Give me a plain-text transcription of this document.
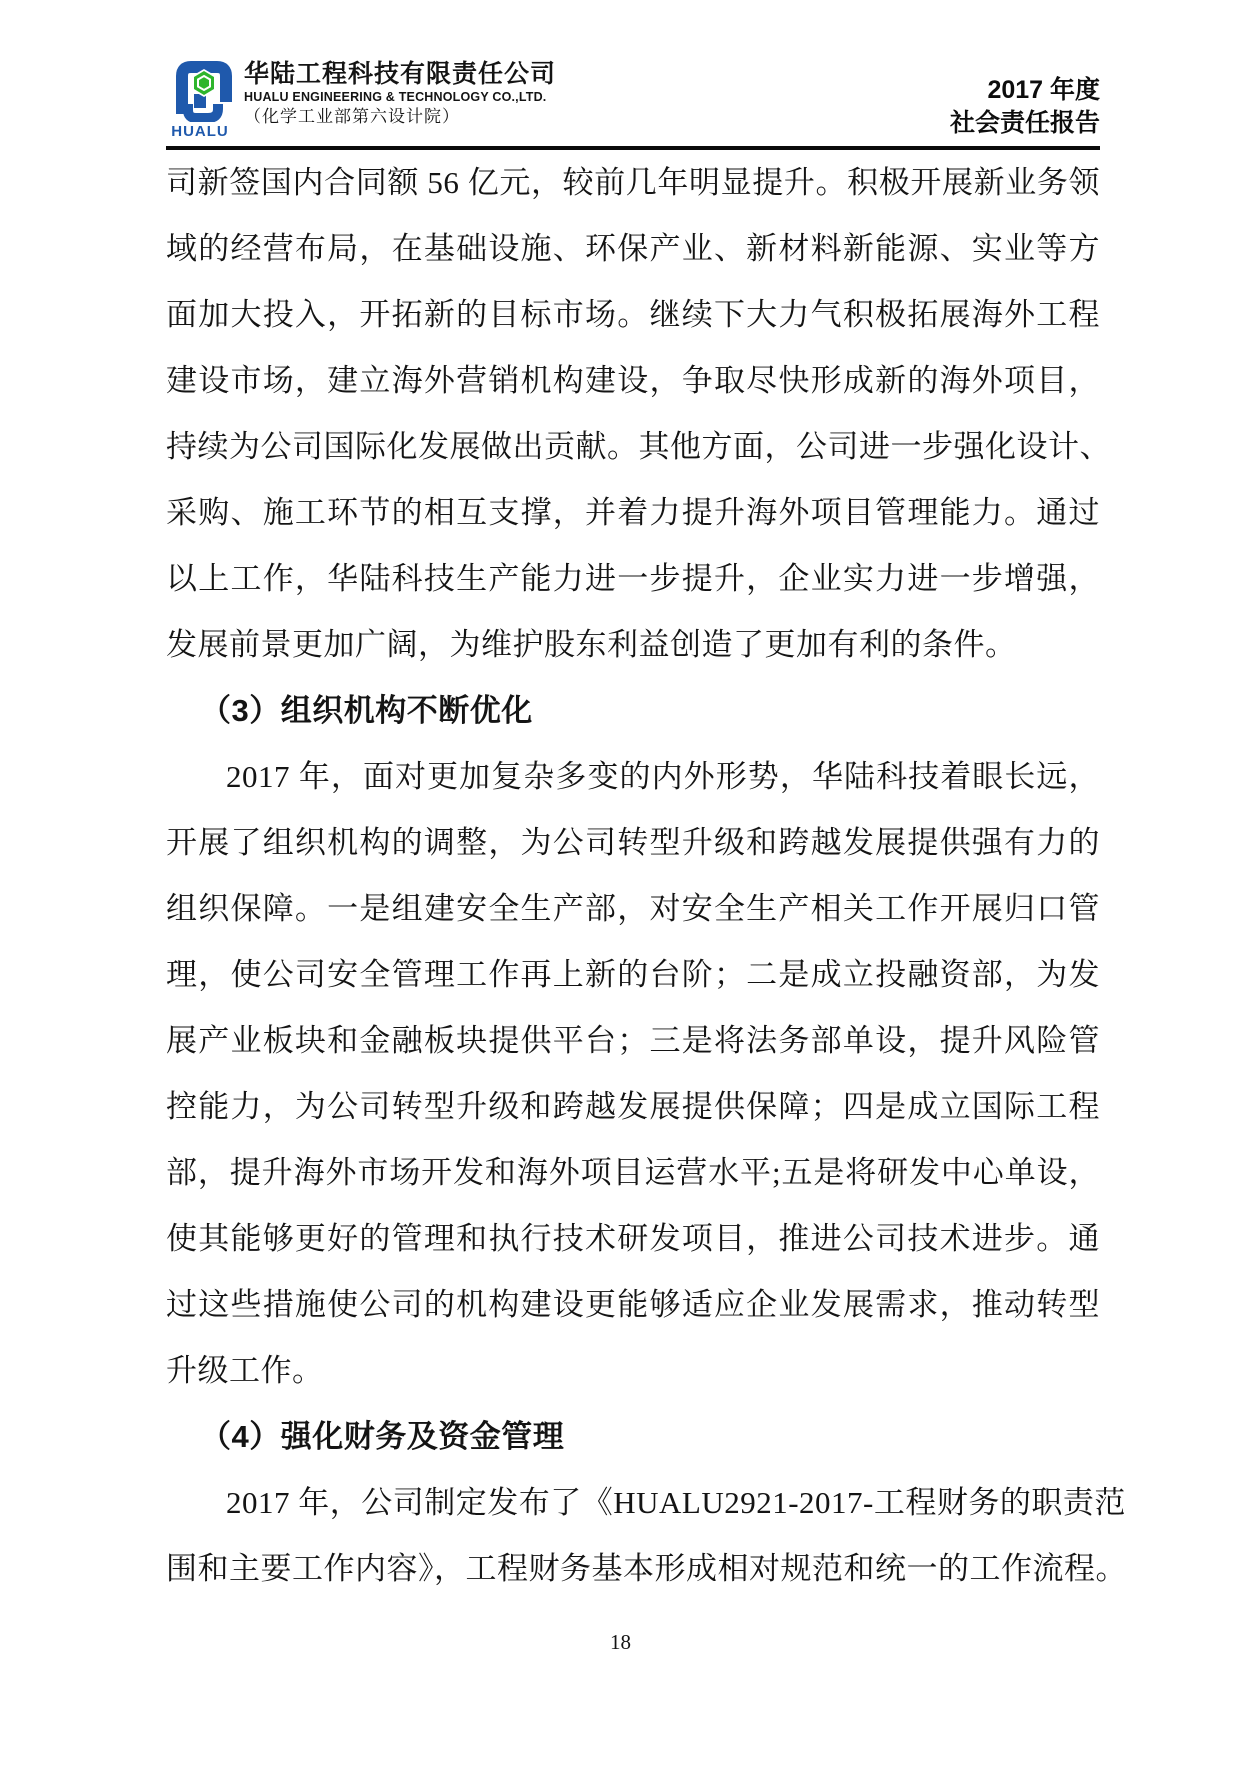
HUALU
华陆工程科技有限责任公司
HUALU ENGINEERING & TECHNOLOGY CO.,LTD.
（化学工业部第六设计院）
2017 年度
社会责任报告
司新签国内合同额 56 亿元，较前几年明显提升。积极开展新业务领
域的经营布局，在基础设施、环保产业、新材料新能源、实业等方
面加大投入，开拓新的目标市场。继续下大力气积极拓展海外工程
建设市场，建立海外营销机构建设，争取尽快形成新的海外项目，
持续为公司国际化发展做出贡献。其他方面，公司进一步强化设计、
采购、施工环节的相互支撑，并着力提升海外项目管理能力。通过
以上工作，华陆科技生产能力进一步提升，企业实力进一步增强，
发展前景更加广阔，为维护股东利益创造了更加有利的条件。
（3）组织机构不断优化
2017 年，面对更加复杂多变的内外形势，华陆科技着眼长远，
开展了组织机构的调整，为公司转型升级和跨越发展提供强有力的
组织保障。一是组建安全生产部，对安全生产相关工作开展归口管
理，使公司安全管理工作再上新的台阶；二是成立投融资部，为发
展产业板块和金融板块提供平台；三是将法务部单设，提升风险管
控能力，为公司转型升级和跨越发展提供保障；四是成立国际工程
部，提升海外市场开发和海外项目运营水平;五是将研发中心单设，
使其能够更好的管理和执行技术研发项目，推进公司技术进步。通
过这些措施使公司的机构建设更能够适应企业发展需求，推动转型
升级工作。
（4）强化财务及资金管理
2017 年，公司制定发布了《HUALU2921-2017-工程财务的职责范
围和主要工作内容》，工程财务基本形成相对规范和统一的工作流程。
18
